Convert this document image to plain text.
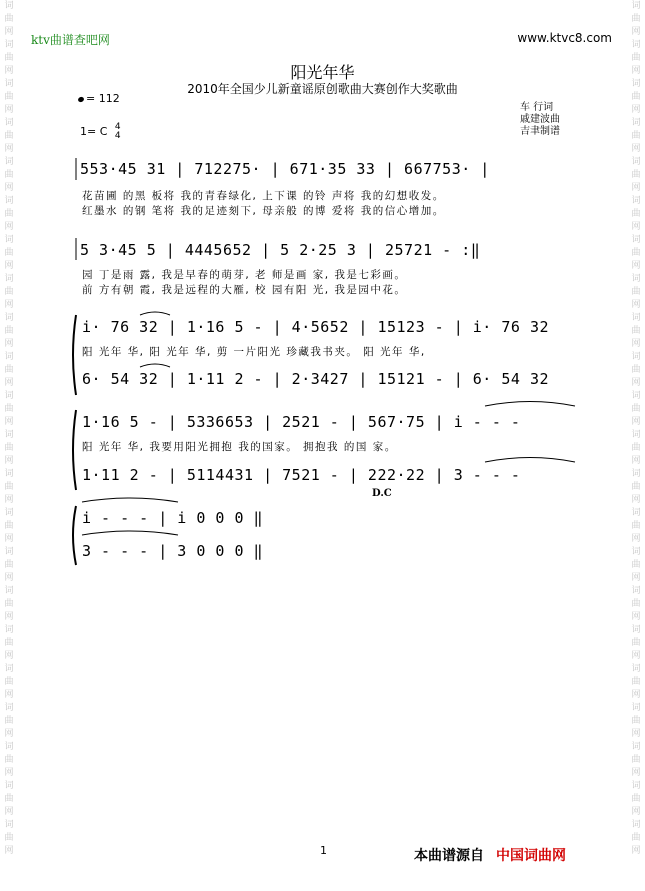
词曲网词曲网词曲网词曲网词曲网词曲网词曲网词曲网词曲网词曲网词曲网词曲网词曲网词曲网词曲网词曲网词曲网词曲网词曲网词曲网词曲网词曲网
词曲网词曲网词曲网词曲网词曲网词曲网词曲网词曲网词曲网词曲网词曲网词曲网词曲网词曲网词曲网词曲网词曲网词曲网词曲网词曲网词曲网词曲网
ktv曲谱查吧网	www.ktvc8.com
阳光年华
2010年全国少儿新童谣原创歌曲大赛创作大奖歌曲
= 112
1= C 4
4
车 行词
戚建波曲
吉聿制谱
553·45 31 | 712275· | 671·35 33 | 667753· |
花苗圃 的黑 板将 我的青春绿化, 上下课 的铃 声将 我的幻想收发。
红墨水 的钢 笔将 我的足迹刻下, 母亲般 的博 爱将 我的信心增加。
5 3·45 5 | 4445652 | 5 2·25 3 | 25721 - :‖
园 丁是雨 露, 我是早春的萌芽, 老 师是画 家, 我是七彩画。
前 方有朝 霞, 我是远程的大雁, 校 园有阳 光, 我是园中花。
i· 76 32 | 1·16 5 - | 4·5652 | 15123 - | i· 76 32
阳 光年 华, 阳 光年 华, 剪 一片阳光 珍藏我书夹。 阳 光年 华,
6· 54 32 | 1·11 2 - | 2·3427 | 15121 - | 6· 54 32
1·16 5 - | 5336653 | 2521 - | 567·75 | i - - -
阳 光年 华, 我要用阳光拥抱 我的国家。 拥抱我 的国 家。
1·11 2 - | 5114431 | 7521 - | 222·22 | 3 - - -
D.C
i - - - | i 0 0 0 ‖
3 - - - | 3 0 0 0 ‖
1	本曲谱源自 中国词曲网
